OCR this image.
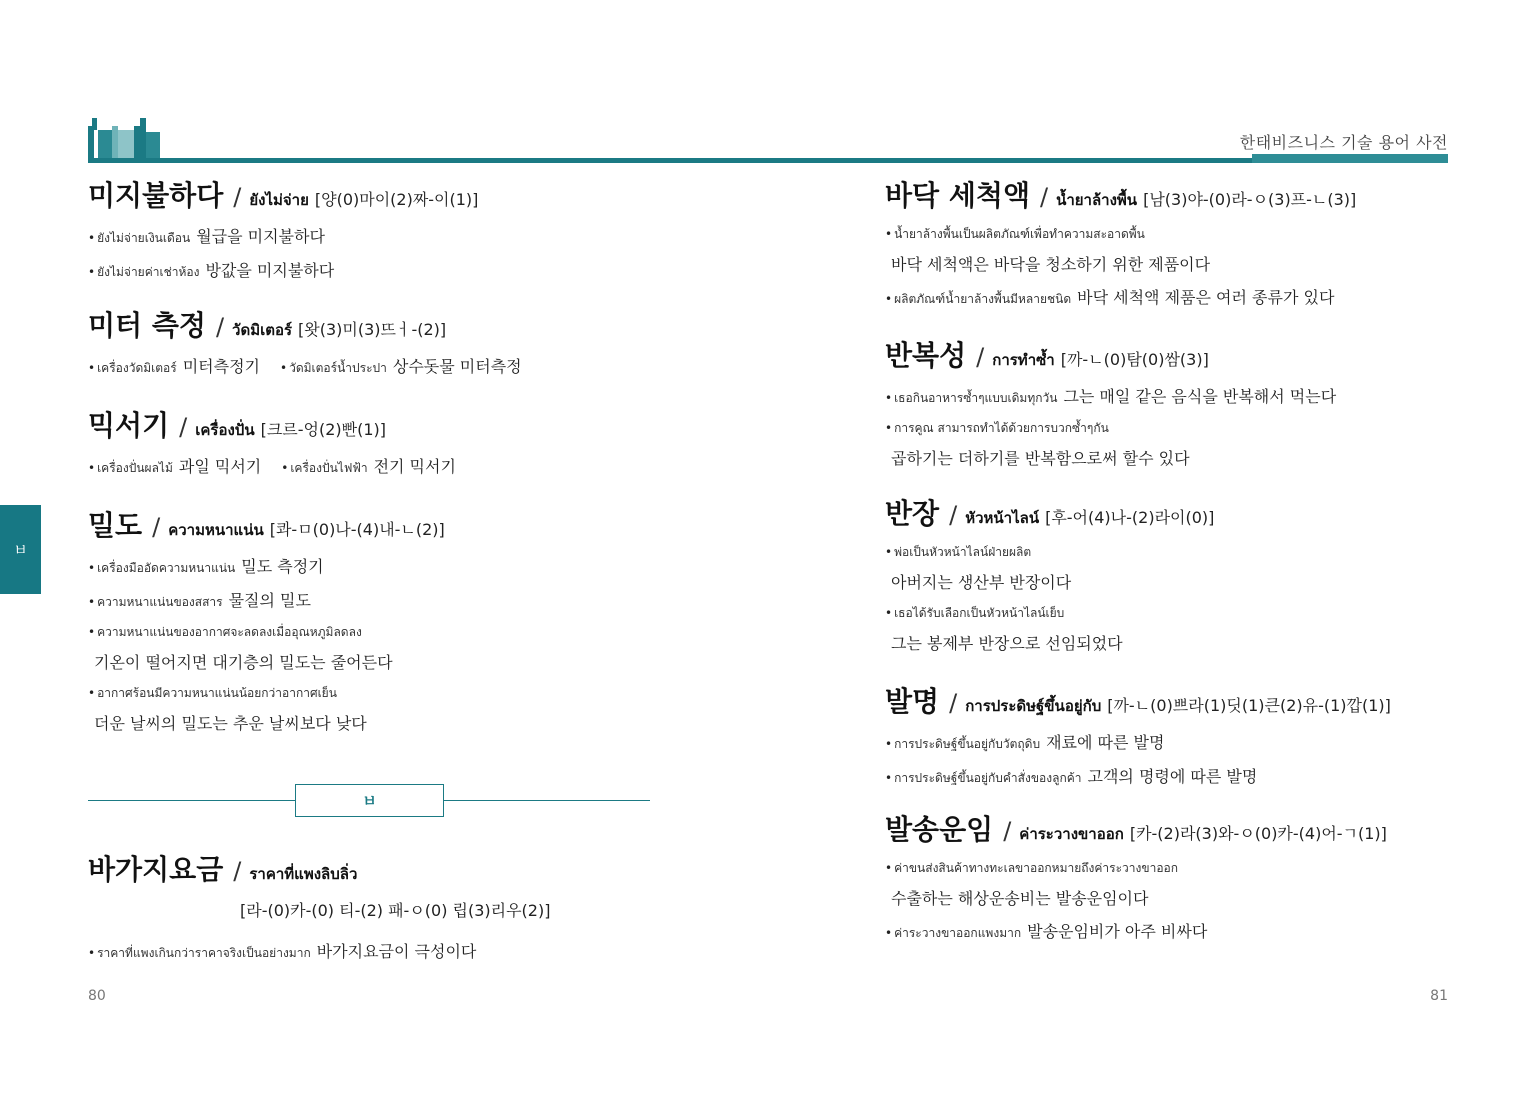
한태비즈니스 기술 용어 사전
ㅂ
미지불하다 / ยังไม่จ่าย [양(0)마이(2)짜-이(1)]
• ยังไม่จ่ายเงินเดือน 월급을 미지불하다
• ยังไม่จ่ายค่าเช่าห้อง 방값을 미지불하다
미터 측정 / วัดมิเตอร์ [왓(3)미(3)뜨ㅓ-(2)]
• เครื่องวัดมิเตอร์ 미터측정기 • วัดมิเตอร์น้ำประปา 상수돗물 미터측정
믹서기 / เครื่องปั่น [크르-엉(2)빤(1)]
• เครื่องปั่นผลไม้ 과일 믹서기 • เครื่องปั่นไฟฟ้า 전기 믹서기
밀도 / ความหนาแน่น [콰-ㅁ(0)나-(4)내-ㄴ(2)]
• เครื่องมืออัดความหนาแน่น 밀도 측정기
• ความหนาแน่นของสสาร 물질의 밀도
• ความหนาแน่นของอากาศจะลดลงเมื่ออุณหภูมิลดลง
기온이 떨어지면 대기층의 밀도는 줄어든다
• อากาศร้อนมีความหนาแน่นน้อยกว่าอากาศเย็น
더운 날씨의 밀도는 추운 날씨보다 낮다
ㅂ
바가지요금 / ราคาที่แพงลิบลิ่ว
[라-(0)카-(0) 티-(2) 패-ㅇ(0) 립(3)리우(2)]
• ราคาที่แพงเกินกว่าราคาจริงเป็นอย่างมาก 바가지요금이 극성이다
80
바닥 세척액 / น้ำยาล้างพื้น [남(3)야-(0)라-ㅇ(3)프-ㄴ(3)]
• น้ำยาล้างพื้นเป็นผลิตภัณฑ์เพื่อทำความสะอาดพื้น
바닥 세척액은 바닥을 청소하기 위한 제품이다
• ผลิตภัณฑ์น้ำยาล้างพื้นมีหลายชนิด 바닥 세척액 제품은 여러 종류가 있다
반복성 / การทำซ้ำ [까-ㄴ(0)탐(0)쌈(3)]
• เธอกินอาหารซ้ำๆแบบเดิมทุกวัน 그는 매일 같은 음식을 반복해서 먹는다
• การคูณ สามารถทำได้ด้วยการบวกซ้ำๆกัน
곱하기는 더하기를 반복함으로써 할수 있다
반장 / หัวหน้าไลน์ [후-어(4)나-(2)라이(0)]
• พ่อเป็นหัวหน้าไลน์ฝ่ายผลิต
아버지는 생산부 반장이다
• เธอได้รับเลือกเป็นหัวหน้าไลน์เย็บ
그는 봉제부 반장으로 선임되었다
발명 / การประดิษฐ์ขึ้นอยู่กับ [까-ㄴ(0)쁘라(1)딧(1)큰(2)유-(1)깝(1)]
• การประดิษฐ์ขึ้นอยู่กับวัตถุดิบ 재료에 따른 발명
• การประดิษฐ์ขึ้นอยู่กับคำสั่งของลูกค้า 고객의 명령에 따른 발명
발송운임 / ค่าระวางขาออก [카-(2)라(3)와-ㅇ(0)카-(4)어-ㄱ(1)]
• ค่าขนส่งสินค้าทางทะเลขาออกหมายถึงค่าระวางขาออก
수출하는 해상운송비는 발송운임이다
• ค่าระวางขาออกแพงมาก 발송운임비가 아주 비싸다
81
